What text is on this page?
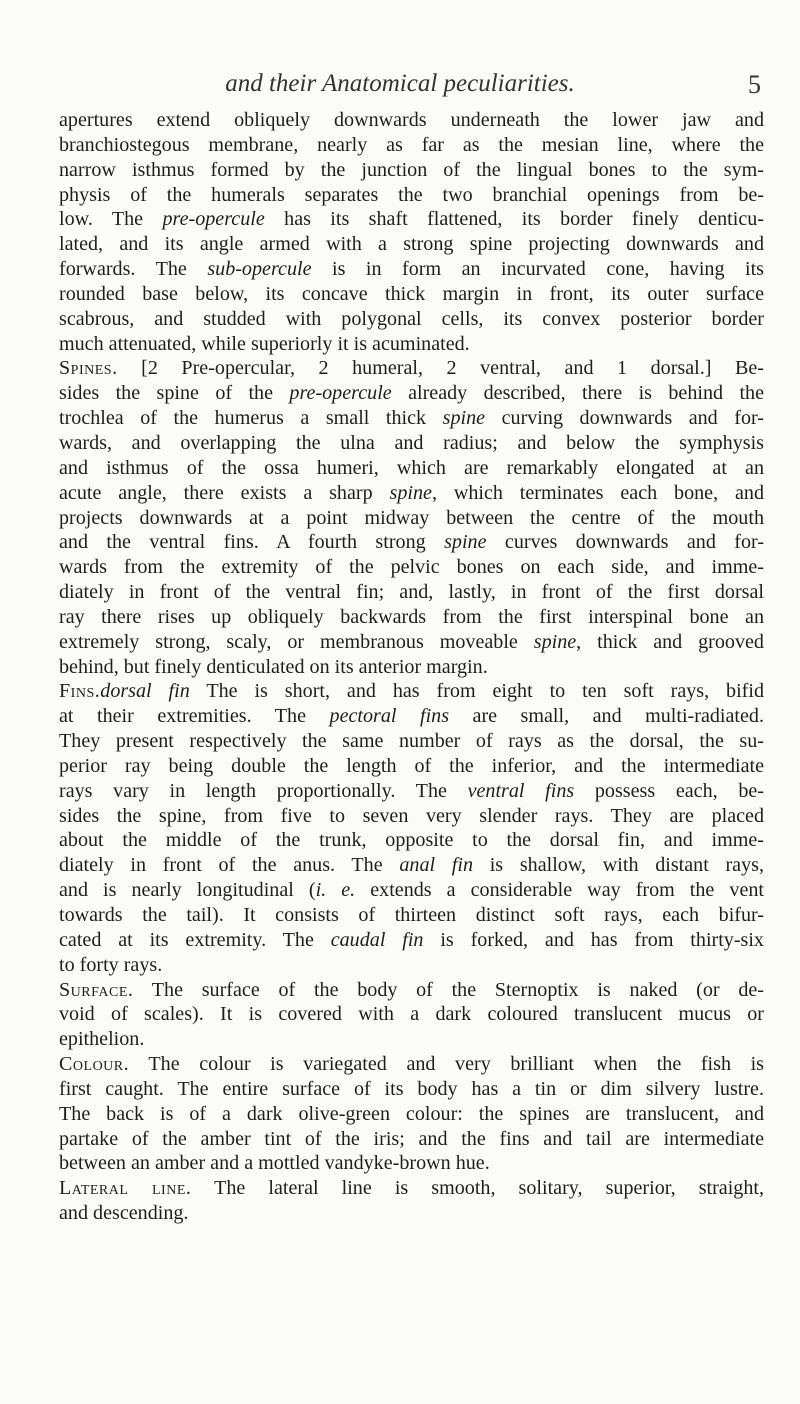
and their Anatomical peculiarities.	5
apertures extend obliquely downwards underneath the lower jaw and
branchiostegous membrane, nearly as far as the mesian line, where the
narrow isthmus formed by the junction of the lingual bones to the sym-
physis of the humerals separates the two branchial openings from be-
low. The pre-opercule has its shaft flattened, its border finely denticu-
lated, and its angle armed with a strong spine projecting downwards and
forwards. The sub-opercule is in form an incurvated cone, having its
rounded base below, its concave thick margin in front, its outer surface
scabrous, and studded with polygonal cells, its convex posterior border
much attenuated, while superiorly it is acuminated.
Spines. [2 Pre-opercular, 2 humeral, 2 ventral, and 1 dorsal.] Be-
sides the spine of the pre-opercule already described, there is behind the
trochlea of the humerus a small thick spine curving downwards and for-
wards, and overlapping the ulna and radius; and below the symphysis
and isthmus of the ossa humeri, which are remarkably elongated at an
acute angle, there exists a sharp spine, which terminates each bone, and
projects downwards at a point midway between the centre of the mouth
and the ventral fins. A fourth strong spine curves downwards and for-
wards from the extremity of the pelvic bones on each side, and imme-
diately in front of the ventral fin; and, lastly, in front of the first dorsal
ray there rises up obliquely backwards from the first interspinal bone an
extremely strong, scaly, or membranous moveable spine, thick and grooved
behind, but finely denticulated on its anterior margin.
Fins.dorsal fin The is short, and has from eight to ten soft rays, bifid
at their extremities. The pectoral fins are small, and multi-radiated.
They present respectively the same number of rays as the dorsal, the su-
perior ray being double the length of the inferior, and the intermediate
rays vary in length proportionally. The ventral fins possess each, be-
sides the spine, from five to seven very slender rays. They are placed
about the middle of the trunk, opposite to the dorsal fin, and imme-
diately in front of the anus. The anal fin is shallow, with distant rays,
and is nearly longitudinal (i. e. extends a considerable way from the vent
towards the tail). It consists of thirteen distinct soft rays, each bifur-
cated at its extremity. The caudal fin is forked, and has from thirty-six
to forty rays.
Surface. The surface of the body of the Sternoptix is naked (or de-
void of scales). It is covered with a dark coloured translucent mucus or
epithelion.
Colour. The colour is variegated and very brilliant when the fish is
first caught. The entire surface of its body has a tin or dim silvery lustre.
The back is of a dark olive-green colour: the spines are translucent, and
partake of the amber tint of the iris; and the fins and tail are intermediate
between an amber and a mottled vandyke-brown hue.
Lateral line. The lateral line is smooth, solitary, superior, straight,
and descending.
